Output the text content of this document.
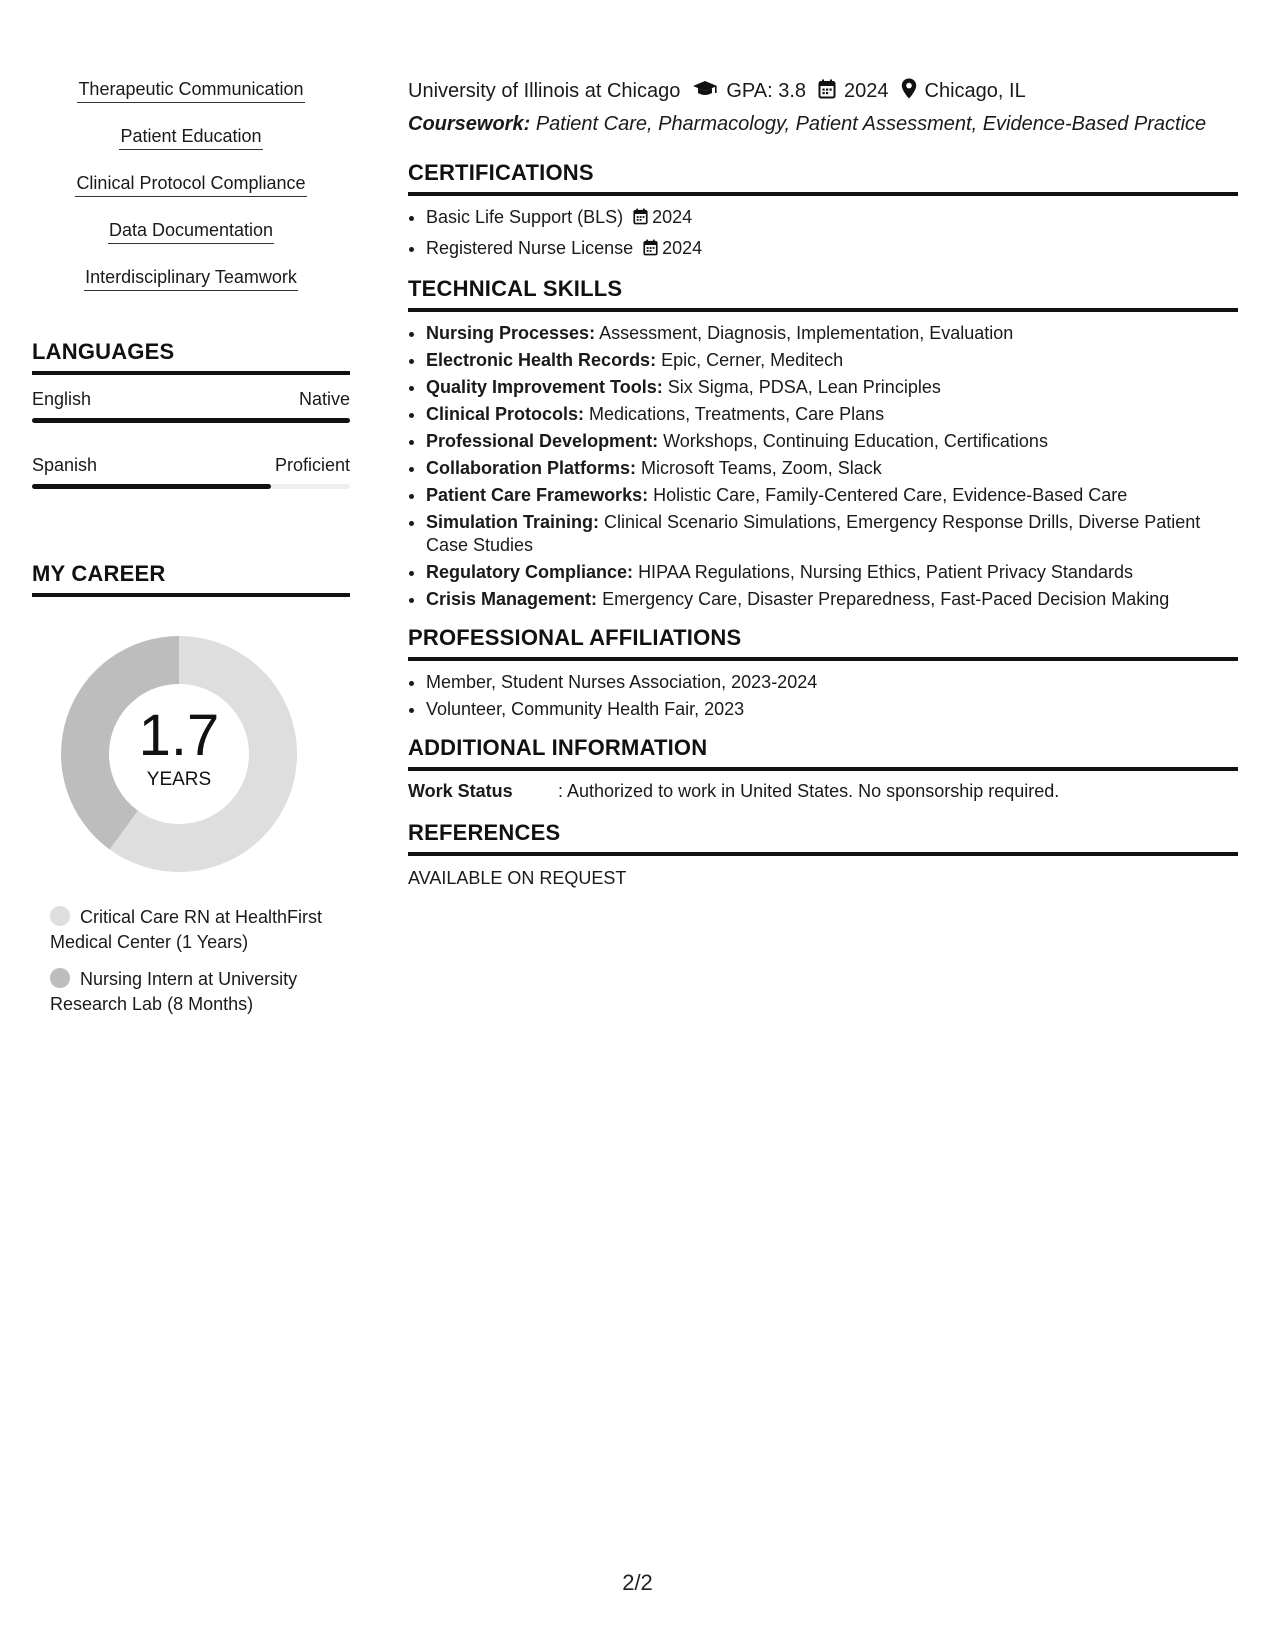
Therapeutic Communication
Patient Education
Clinical Protocol Compliance
Data Documentation
Interdisciplinary Teamwork
LANGUAGES
English	Native
Spanish	Proficient
MY CAREER
1.7
YEARS
Critical Care RN at HealthFirst Medical Center (1 Years)
Nursing Intern at University Research Lab (8 Months)
University of Illinois at Chicago GPA: 3.8 2024 Chicago, IL
Coursework: Patient Care, Pharmacology, Patient Assessment, Evidence-Based Practice
CERTIFICATIONS
• Basic Life Support (BLS) 2024
• Registered Nurse License 2024
TECHNICAL SKILLS
• Nursing Processes: Assessment, Diagnosis, Implementation, Evaluation
• Electronic Health Records: Epic, Cerner, Meditech
• Quality Improvement Tools: Six Sigma, PDSA, Lean Principles
• Clinical Protocols: Medications, Treatments, Care Plans
• Professional Development: Workshops, Continuing Education, Certifications
• Collaboration Platforms: Microsoft Teams, Zoom, Slack
• Patient Care Frameworks: Holistic Care, Family-Centered Care, Evidence-Based Care
• Simulation Training: Clinical Scenario Simulations, Emergency Response Drills, Diverse Patient Case Studies
• Regulatory Compliance: HIPAA Regulations, Nursing Ethics, Patient Privacy Standards
• Crisis Management: Emergency Care, Disaster Preparedness, Fast-Paced Decision Making
PROFESSIONAL AFFILIATIONS
• Member, Student Nurses Association, 2023-2024
• Volunteer, Community Health Fair, 2023
ADDITIONAL INFORMATION
Work Status	: Authorized to work in United States. No sponsorship required.
REFERENCES
AVAILABLE ON REQUEST
2/2
